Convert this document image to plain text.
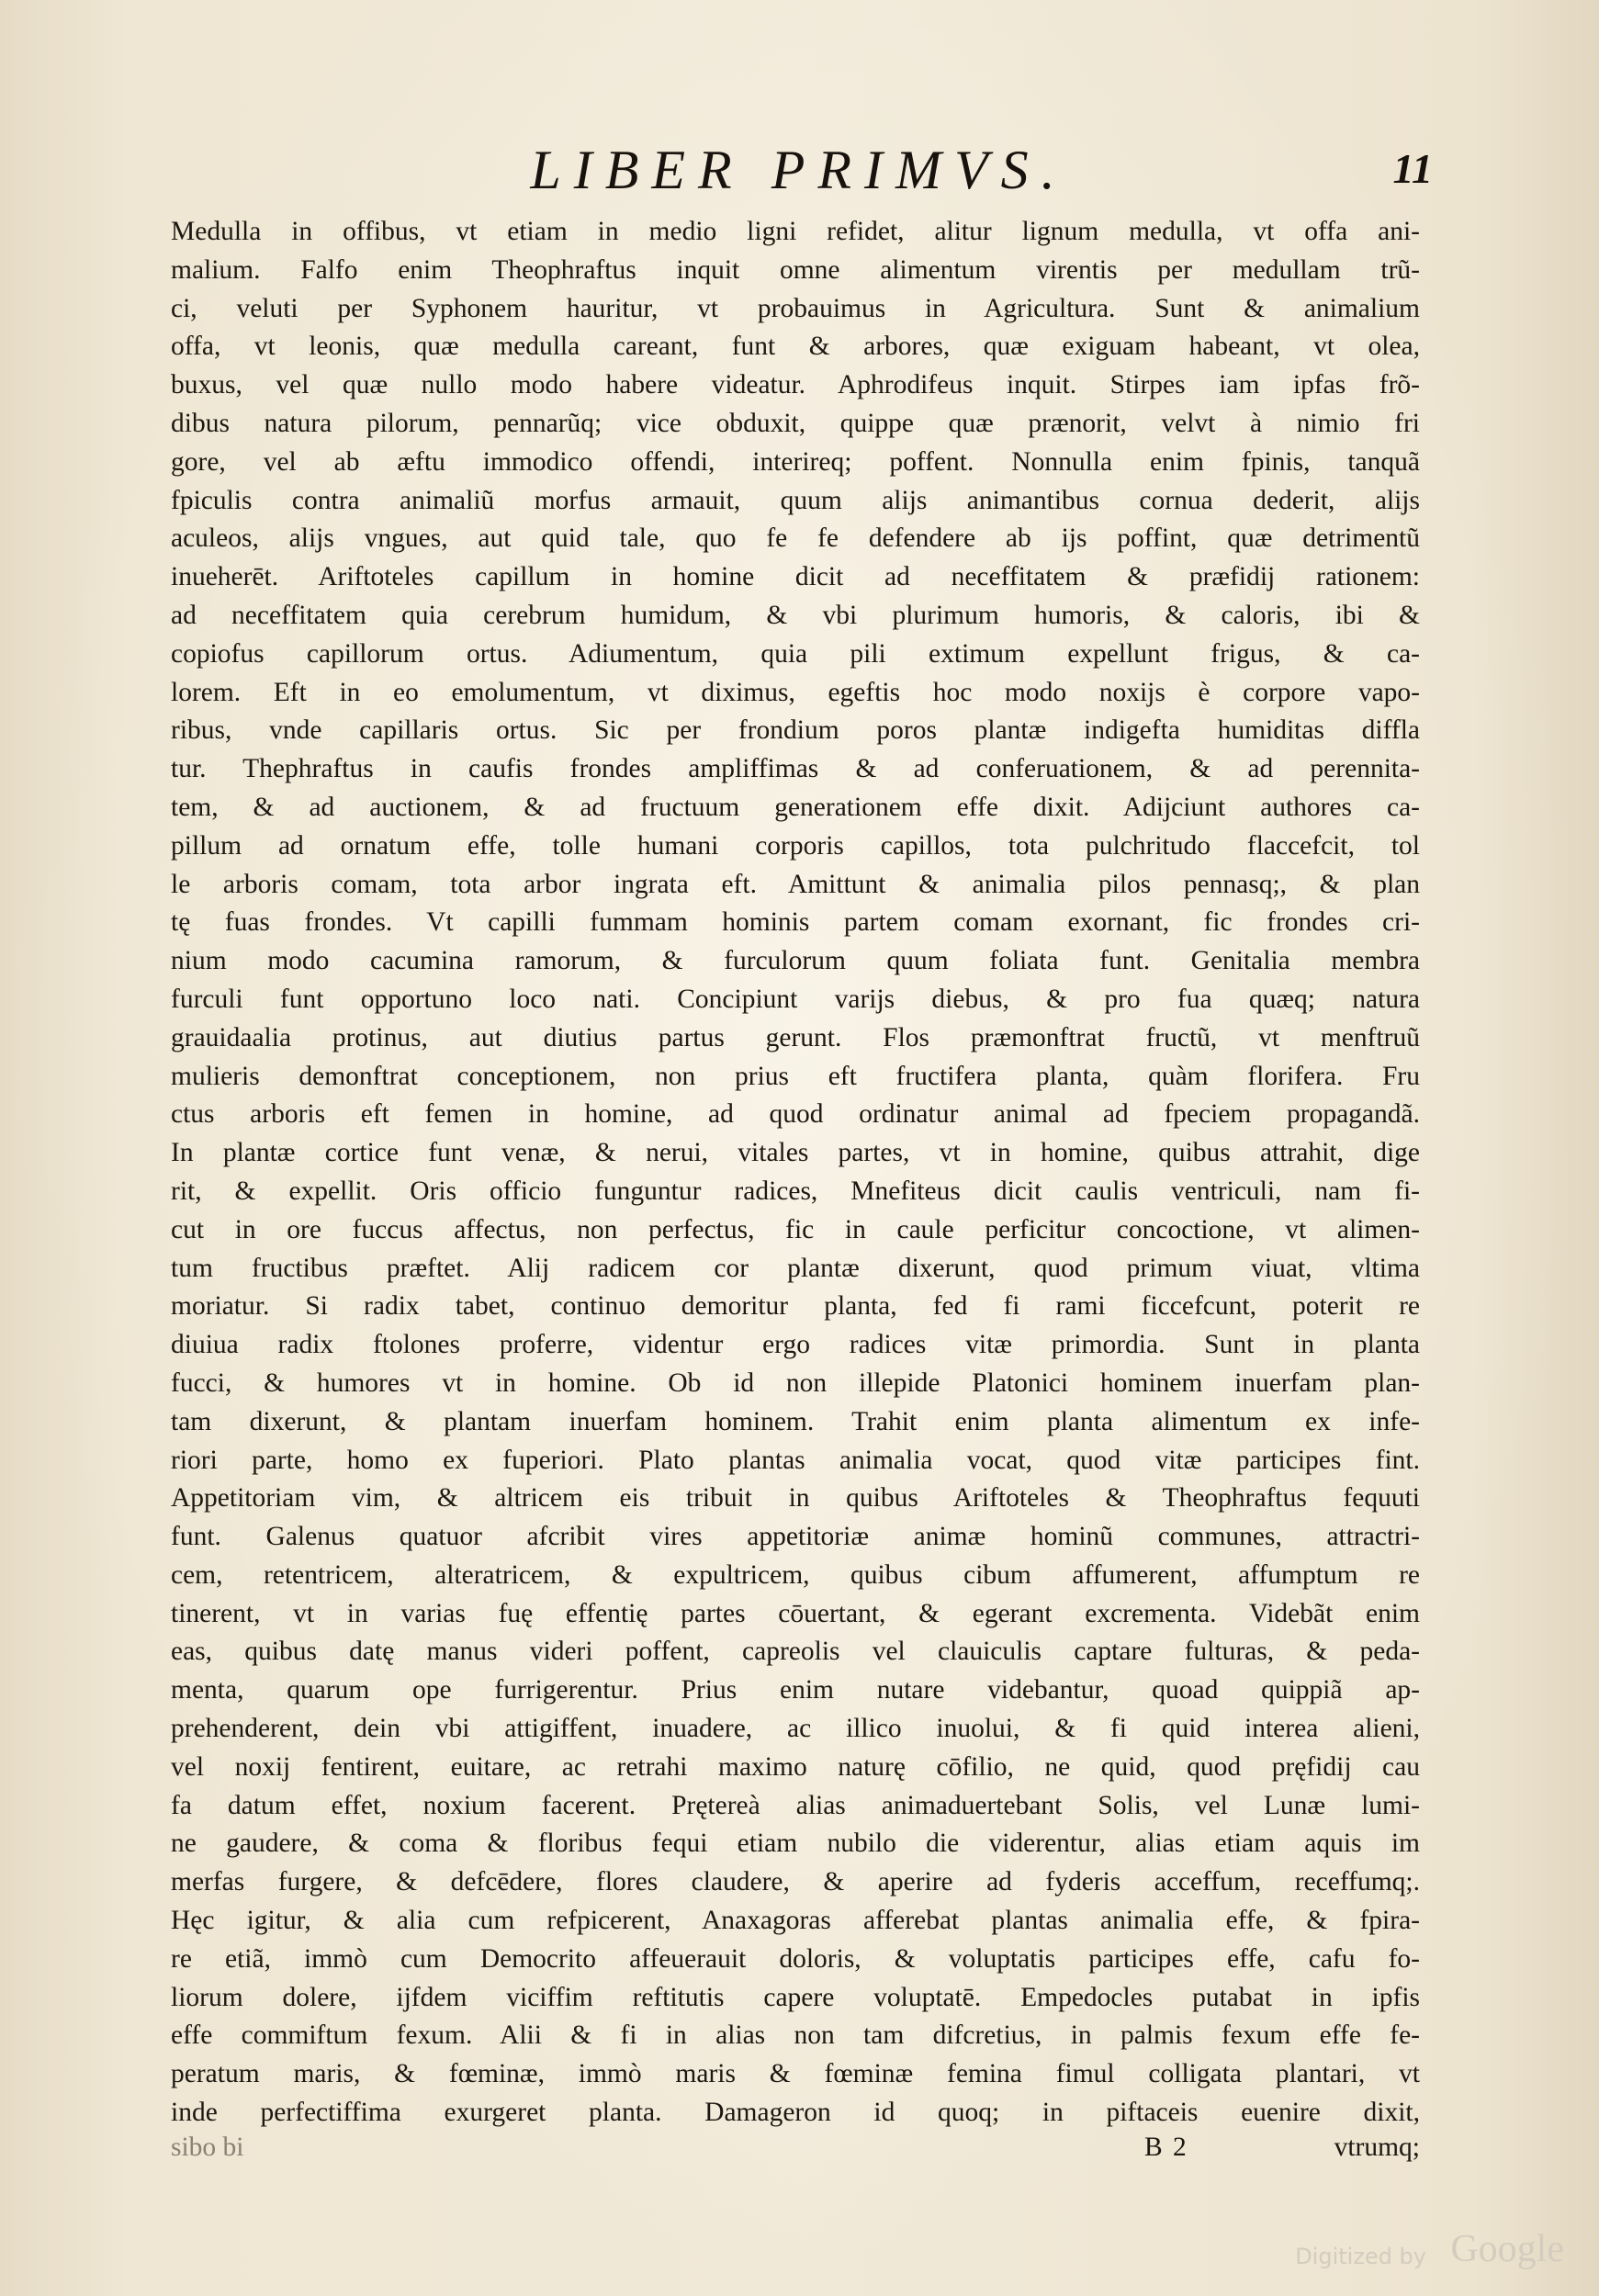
LIBER PRIMVS.	11
Medulla in offibus, vt etiam in medio ligni refidet, alitur lignum medulla, vt offa ani-
malium. Falfo enim Theophraftus inquit omne alimentum virentis per medullam trũ-
ci, veluti per Syphonem hauritur, vt probauimus in Agricultura. Sunt & animalium
offa, vt leonis, quæ medulla careant, funt & arbores, quæ exiguam habeant, vt olea,
buxus, vel quæ nullo modo habere videatur. Aphrodifeus inquit. Stirpes iam ipfas frõ-
dibus natura pilorum, pennarũq; vice obduxit, quippe quæ prænorit, velvt à nimio fri
gore, vel ab æftu immodico offendi, interireq; poffent. Nonnulla enim fpinis, tanquã
fpiculis contra animaliũ morfus armauit, quum alijs animantibus cornua dederit, alijs
aculeos, alijs vngues, aut quid tale, quo fe fe defendere ab ijs poffint, quæ detrimentũ
inueherēt. Ariftoteles capillum in homine dicit ad neceffitatem & præfidij rationem:
ad neceffitatem quia cerebrum humidum, & vbi plurimum humoris, & caloris, ibi &
copiofus capillorum ortus. Adiumentum, quia pili extimum expellunt frigus, & ca-
lorem. Eft in eo emolumentum, vt diximus, egeftis hoc modo noxijs è corpore vapo-
ribus, vnde capillaris ortus. Sic per frondium poros plantæ indigefta humiditas diffla
tur. Thephraftus in caufis frondes ampliffimas & ad conferuationem, & ad perennita-
tem, & ad auctionem, & ad fructuum generationem effe dixit. Adijciunt authores ca-
pillum ad ornatum effe, tolle humani corporis capillos, tota pulchritudo flaccefcit, tol
le arboris comam, tota arbor ingrata eft. Amittunt & animalia pilos pennasq;, & plan
tę fuas frondes. Vt capilli fummam hominis partem comam exornant, fic frondes cri-
nium modo cacumina ramorum, & furculorum quum foliata funt. Genitalia membra
furculi funt opportuno loco nati. Concipiunt varijs diebus, & pro fua quæq; natura
grauidaalia protinus, aut diutius partus gerunt. Flos præmonftrat fructũ, vt menftruũ
mulieris demonftrat conceptionem, non prius eft fructifera planta, quàm florifera. Fru
ctus arboris eft femen in homine, ad quod ordinatur animal ad fpeciem propagandã.
In plantæ cortice funt venæ, & nerui, vitales partes, vt in homine, quibus attrahit, dige
rit, & expellit. Oris officio funguntur radices, Mnefiteus dicit caulis ventriculi, nam fi-
cut in ore fuccus affectus, non perfectus, fic in caule perficitur concoctione, vt alimen-
tum fructibus præftet. Alij radicem cor plantæ dixerunt, quod primum viuat, vltima
moriatur. Si radix tabet, continuo demoritur planta, fed fi rami ficcefcunt, poterit re
diuiua radix ftolones proferre, videntur ergo radices vitæ primordia. Sunt in planta
fucci, & humores vt in homine. Ob id non illepide Platonici hominem inuerfam plan-
tam dixerunt, & plantam inuerfam hominem. Trahit enim planta alimentum ex infe-
riori parte, homo ex fuperiori. Plato plantas animalia vocat, quod vitæ participes fint.
Appetitoriam vim, & altricem eis tribuit in quibus Ariftoteles & Theophraftus fequuti
funt. Galenus quatuor afcribit vires appetitoriæ animæ hominũ communes, attractri-
cem, retentricem, alteratricem, & expultricem, quibus cibum affumerent, affumptum re
tinerent, vt in varias fuę effentię partes cōuertant, & egerant excrementa. Videbãt enim
eas, quibus datę manus videri poffent, capreolis vel clauiculis captare fulturas, & peda-
menta, quarum ope furrigerentur. Prius enim nutare videbantur, quoad quippiã ap-
prehenderent, dein vbi attigiffent, inuadere, ac illico inuolui, & fi quid interea alieni,
vel noxij fentirent, euitare, ac retrahi maximo naturę cōfilio, ne quid, quod pręfidij cau
fa datum effet, noxium facerent. Prętereà alias animaduertebant Solis, vel Lunæ lumi-
ne gaudere, & coma & floribus fequi etiam nubilo die viderentur, alias etiam aquis im
merfas furgere, & defcēdere, flores claudere, & aperire ad fyderis acceffum, receffumq;.
Hęc igitur, & alia cum refpicerent, Anaxagoras afferebat plantas animalia effe, & fpira-
re etiã, immò cum Democrito affeuerauit doloris, & voluptatis participes effe, cafu fo-
liorum dolere, ijfdem viciffim reftitutis capere voluptatē. Empedocles putabat in ipfis
effe commiftum fexum. Alii & fi in alias non tam difcretius, in palmis fexum effe fe-
peratum maris, & fœminæ, immò maris & fœminæ femina fimul colligata plantari, vt
inde perfectiffima exurgeret planta. Damageron id quoq; in piftaceis euenire dixit,
sibo bi	B 2	vtrumq;
Digitized by Google
